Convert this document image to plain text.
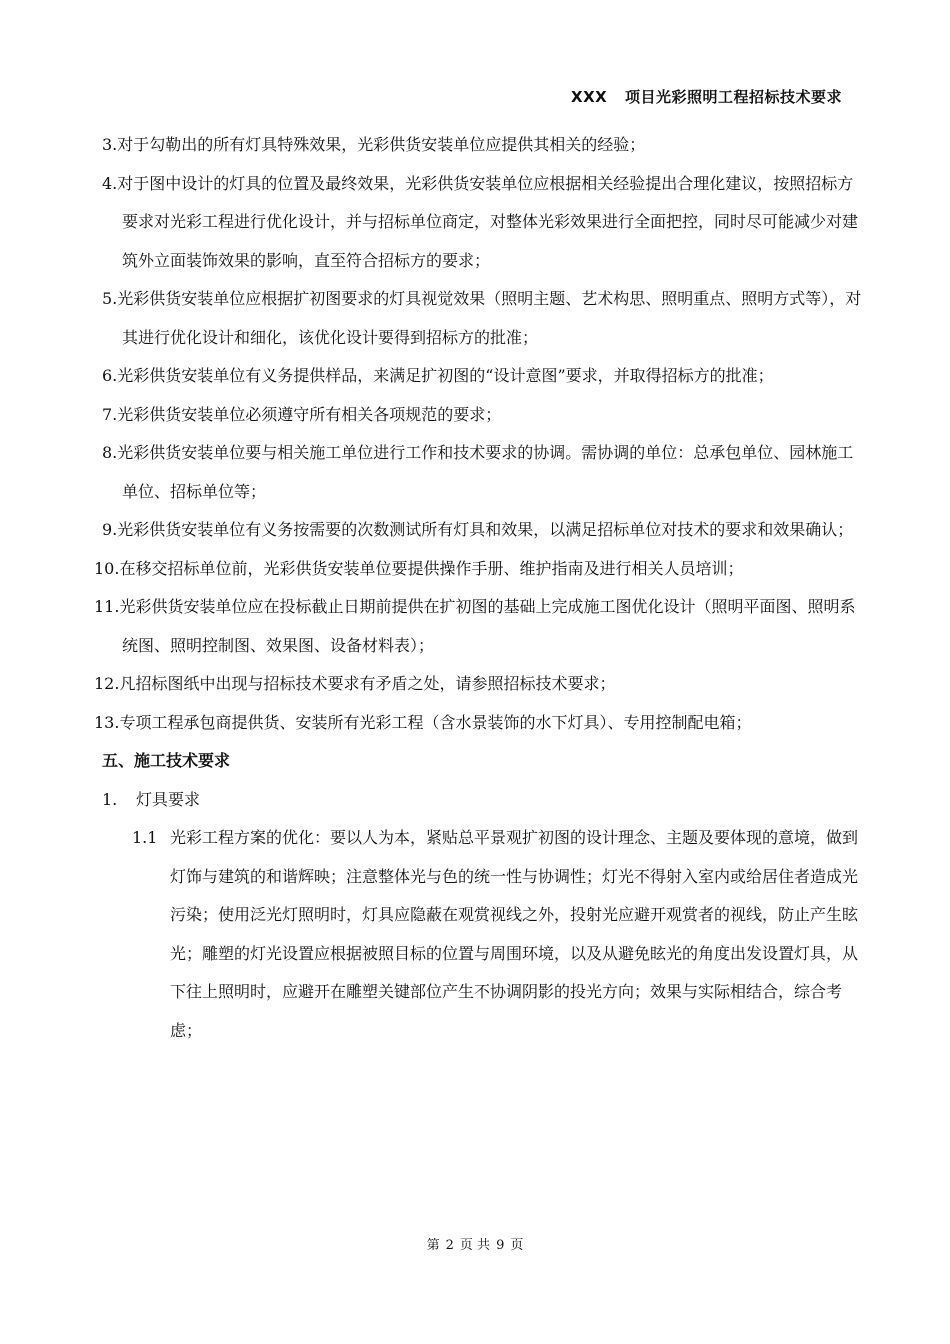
XXX 项目光彩照明工程招标技术要求

3.对于勾勒出的所有灯具特殊效果，光彩供货安装单位应提供其相关的经验；

4.对于图中设计的灯具的位置及最终效果，光彩供货安装单位应根据相关经验提出合理化建议，按照招标方要求对光彩工程进行优化设计，并与招标单位商定，对整体光彩效果进行全面把控，同时尽可能减少对建筑外立面装饰效果的影响，直至符合招标方的要求；

5.光彩供货安装单位应根据扩初图要求的灯具视觉效果（照明主题、艺术构思、照明重点、照明方式等），对其进行优化设计和细化，该优化设计要得到招标方的批准；

6.光彩供货安装单位有义务提供样品，来满足扩初图的“设计意图”要求，并取得招标方的批准；

7.光彩供货安装单位必须遵守所有相关各项规范的要求；

8.光彩供货安装单位要与相关施工单位进行工作和技术要求的协调。需协调的单位：总承包单位、园林施工单位、招标单位等；

9.光彩供货安装单位有义务按需要的次数测试所有灯具和效果，以满足招标单位对技术的要求和效果确认；

10.在移交招标单位前，光彩供货安装单位要提供操作手册、维护指南及进行相关人员培训；

11.光彩供货安装单位应在投标截止日期前提供在扩初图的基础上完成施工图优化设计（照明平面图、照明系统图、照明控制图、效果图、设备材料表）；

12.凡招标图纸中出现与招标技术要求有矛盾之处，请参照招标技术要求；

13.专项工程承包商提供货、安装所有光彩工程（含水景装饰的水下灯具）、专用控制配电箱；

五、施工技术要求

1. 灯具要求

1.1 光彩工程方案的优化：要以人为本，紧贴总平景观扩初图的设计理念、主题及要体现的意境，做到灯饰与建筑的和谐辉映；注意整体光与色的统一性与协调性；灯光不得射入室内或给居住者造成光污染；使用泛光灯照明时，灯具应隐蔽在观赏视线之外，投射光应避开观赏者的视线，防止产生眩光；雕塑的灯光设置应根据被照目标的位置与周围环境，以及从避免眩光的角度出发设置灯具，从下往上照明时，应避开在雕塑关键部位产生不协调阴影的投光方向；效果与实际相结合，综合考虑；

第 2 页 共 9 页
